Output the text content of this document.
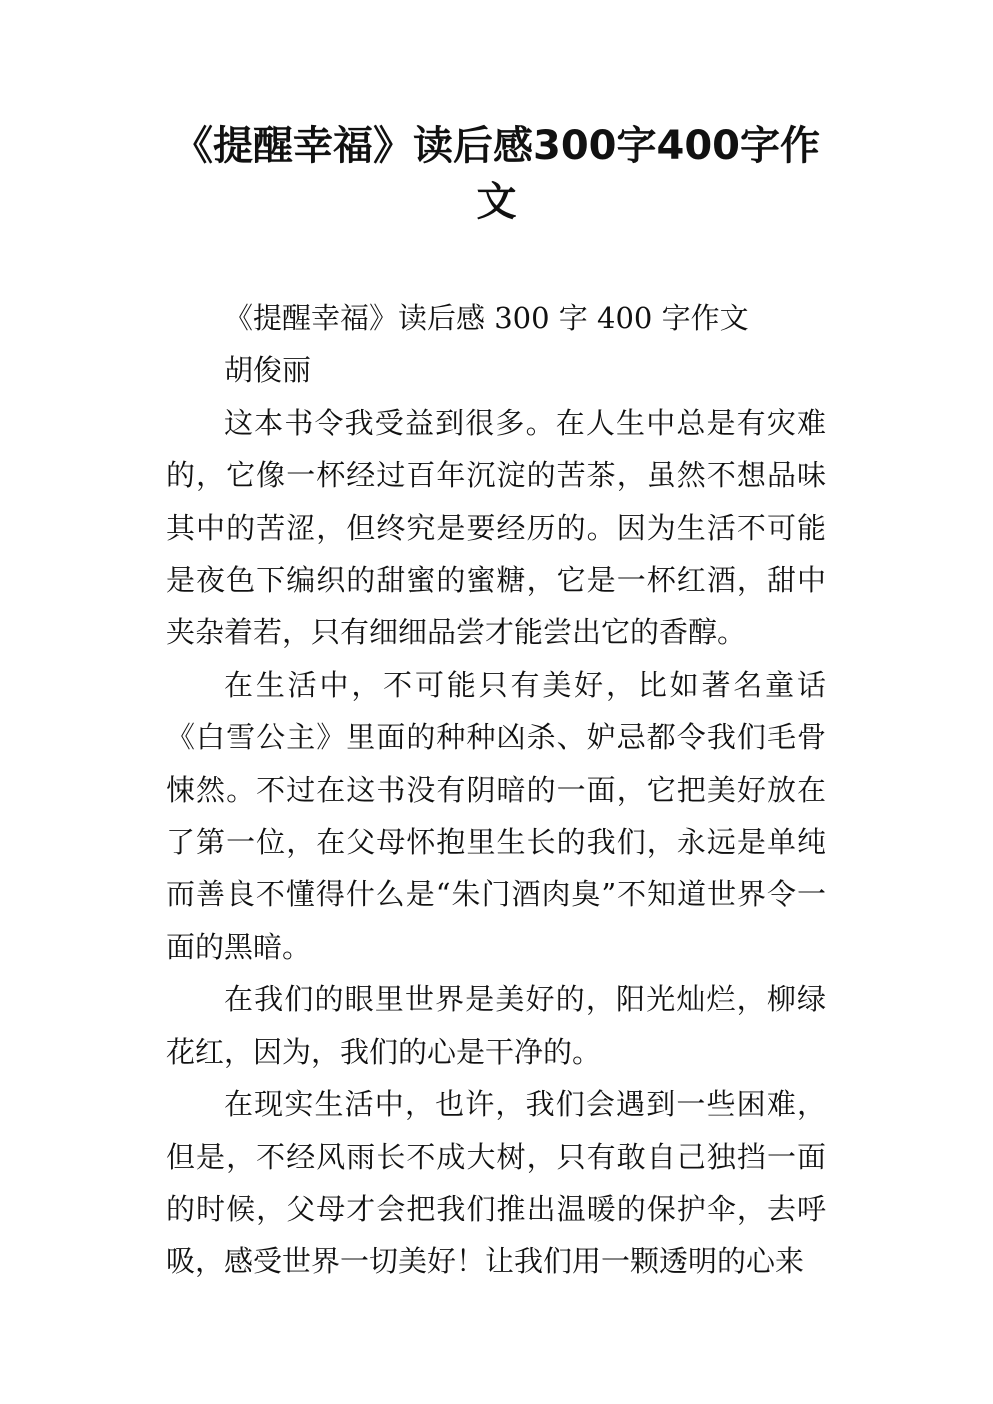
《提醒幸福》读后感300字400字作文

《提醒幸福》读后感 300 字 400 字作文

胡俊丽

这本书令我受益到很多。在人生中总是有灾难的，它像一杯经过百年沉淀的苦茶，虽然不想品味其中的苦涩，但终究是要经历的。因为生活不可能是夜色下编织的甜蜜的蜜糖，它是一杯红酒，甜中夹杂着若，只有细细品尝才能尝出它的香醇。

在生活中，不可能只有美好，比如著名童话《白雪公主》里面的种种凶杀、妒忌都令我们毛骨悚然。不过在这书没有阴暗的一面，它把美好放在了第一位，在父母怀抱里生长的我们，永远是单纯而善良不懂得什么是“朱门酒肉臭”不知道世界令一面的黑暗。

在我们的眼里世界是美好的，阳光灿烂，柳绿花红，因为，我们的心是干净的。

在现实生活中，也许，我们会遇到一些困难，但是，不经风雨长不成大树，只有敢自己独挡一面的时候，父母才会把我们推出温暖的保护伞，去呼吸，感受世界一切美好！让我们用一颗透明的心来
